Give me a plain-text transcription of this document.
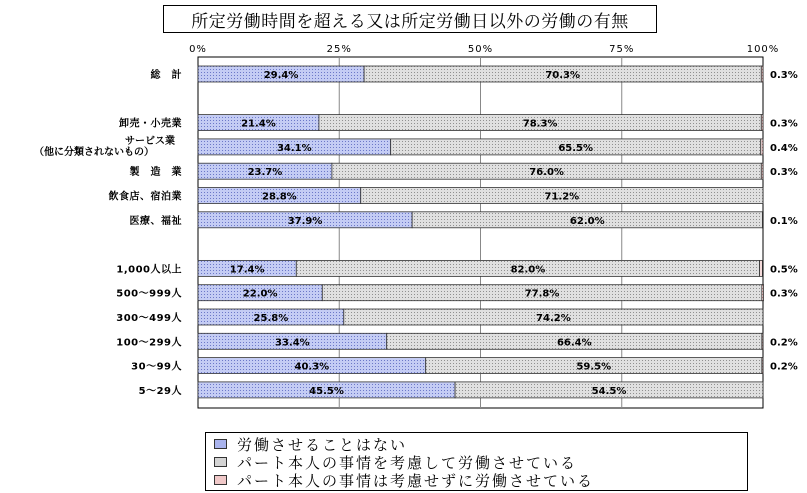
所定労働時間を超える又は所定労働日以外の労働の有無
0%	25%	50%	75%	100%
総　計	29.4%	70.3%	0.3%
卸売・小売業	21.4%	78.3%	0.3%
サービス業
（他に分類されないもの）	34.1%	65.5%	0.4%
製　造　業	23.7%	76.0%	0.3%
飲食店、宿泊業	28.8%	71.2%
医療、福祉	37.9%	62.0%	0.1%
1,000人以上	17.4%	82.0%	0.5%
500～999人	22.0%	77.8%	0.3%
300～499人	25.8%	74.2%
100～299人	33.4%	66.4%	0.2%
30～99人	40.3%	59.5%	0.2%
5～29人	45.5%	54.5%
労働させることはない
パート本人の事情を考慮して労働させている
パート本人の事情は考慮せずに労働させている
